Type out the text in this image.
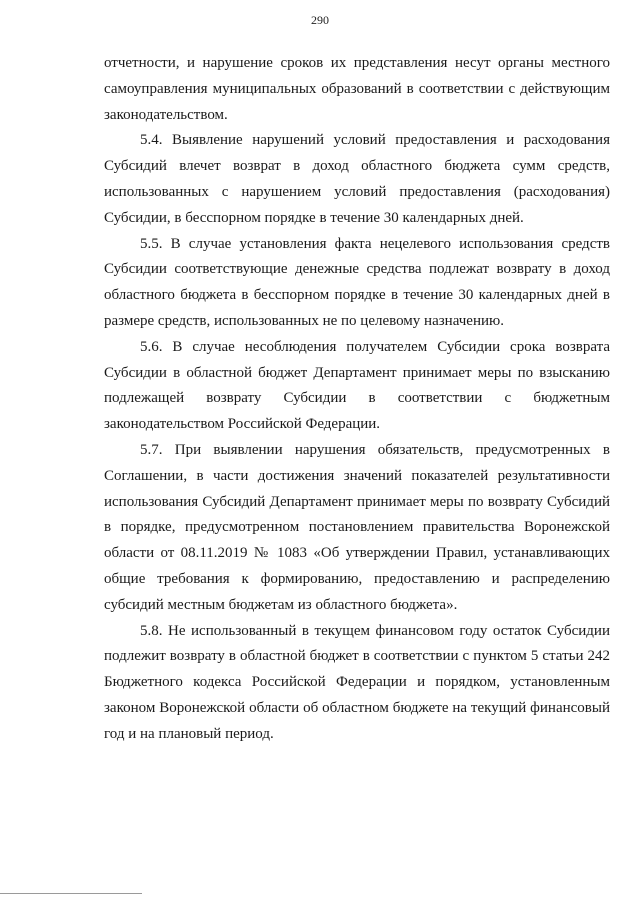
290

отчетности, и нарушение сроков их представления несут органы местного самоуправления муниципальных образований в соответствии с действующим законодательством.

5.4. Выявление нарушений условий предоставления и расходования Субсидий влечет возврат в доход областного бюджета сумм средств, использованных с нарушением условий предоставления (расходования) Субсидии, в бесспорном порядке в течение 30 календарных дней.

5.5. В случае установления факта нецелевого использования средств Субсидии соответствующие денежные средства подлежат возврату в доход областного бюджета в бесспорном порядке в течение 30 календарных дней в размере средств, использованных не по целевому назначению.

5.6. В случае несоблюдения получателем Субсидии срока возврата Субсидии в областной бюджет Департамент принимает меры по взысканию подлежащей возврату Субсидии в соответствии с бюджетным законодательством Российской Федерации.

5.7. При выявлении нарушения обязательств, предусмотренных в Соглашении, в части достижения значений показателей результативности использования Субсидий Департамент принимает меры по возврату Субсидий в порядке, предусмотренном постановлением правительства Воронежской области от 08.11.2019 № 1083 «Об утверждении Правил, устанавливающих общие требования к формированию, предоставлению и распределению субсидий местным бюджетам из областного бюджета».

5.8. Не использованный в текущем финансовом году остаток Субсидии подлежит возврату в областной бюджет в соответствии с пунктом 5 статьи 242 Бюджетного кодекса Российской Федерации и порядком, установленным законом Воронежской области об областном бюджете на текущий финансовый год и на плановый период.
